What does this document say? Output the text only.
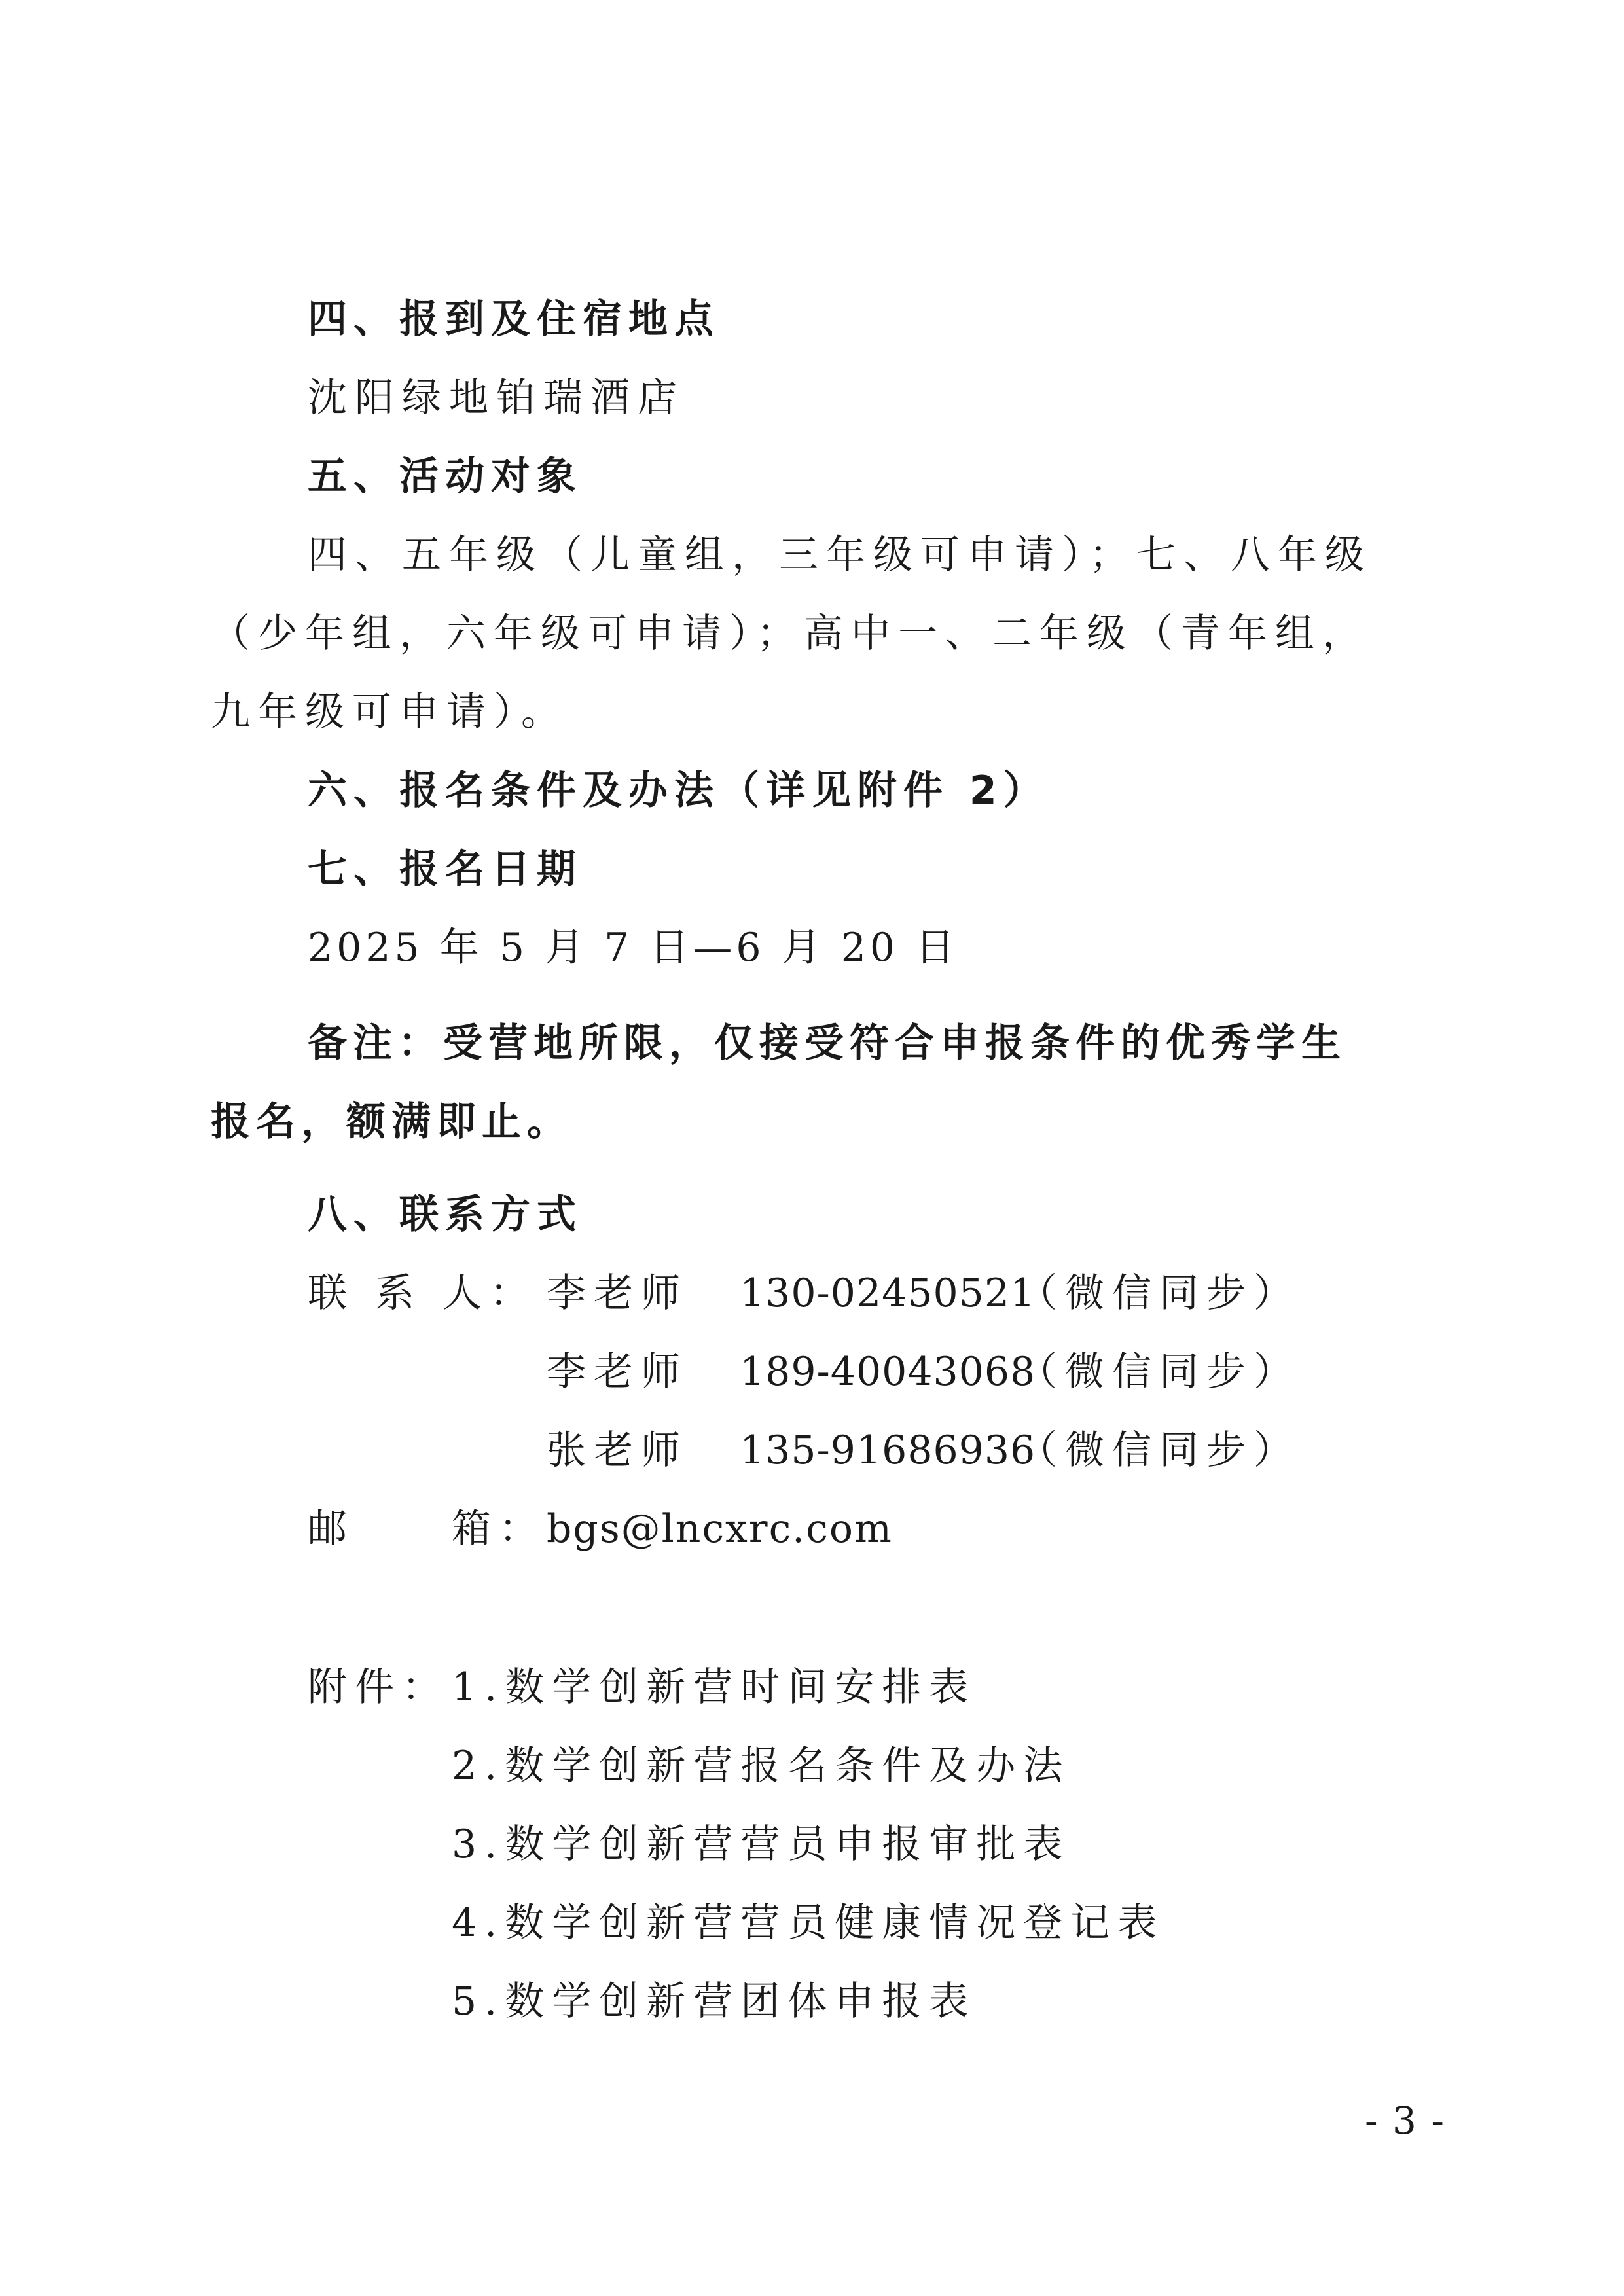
四、报到及住宿地点

沈阳绿地铂瑞酒店

五、活动对象

四、五年级（儿童组，三年级可申请）；七、八年级

（少年组，六年级可申请）；高中一、二年级（青年组，

九年级可申请）。

六、报名条件及办法（详见附件 2）

七、报名日期

2025 年 5 月 7 日—6 月 20 日

备注：受营地所限，仅接受符合申报条件的优秀学生

报名，额满即止。

八、联系方式

联 系 人： 李老师 130-02450521

（微信同步）

李老师 189-40043068

（微信同步）

张老师 135-91686936

（微信同步）

邮 箱： bgs@lncxrc.com

附件： 1.数学创新营时间安排表

2.数学创新营报名条件及办法

3.数学创新营营员申报审批表

4.数学创新营营员健康情况登记表

5.数学创新营团体申报表

- 3 -
